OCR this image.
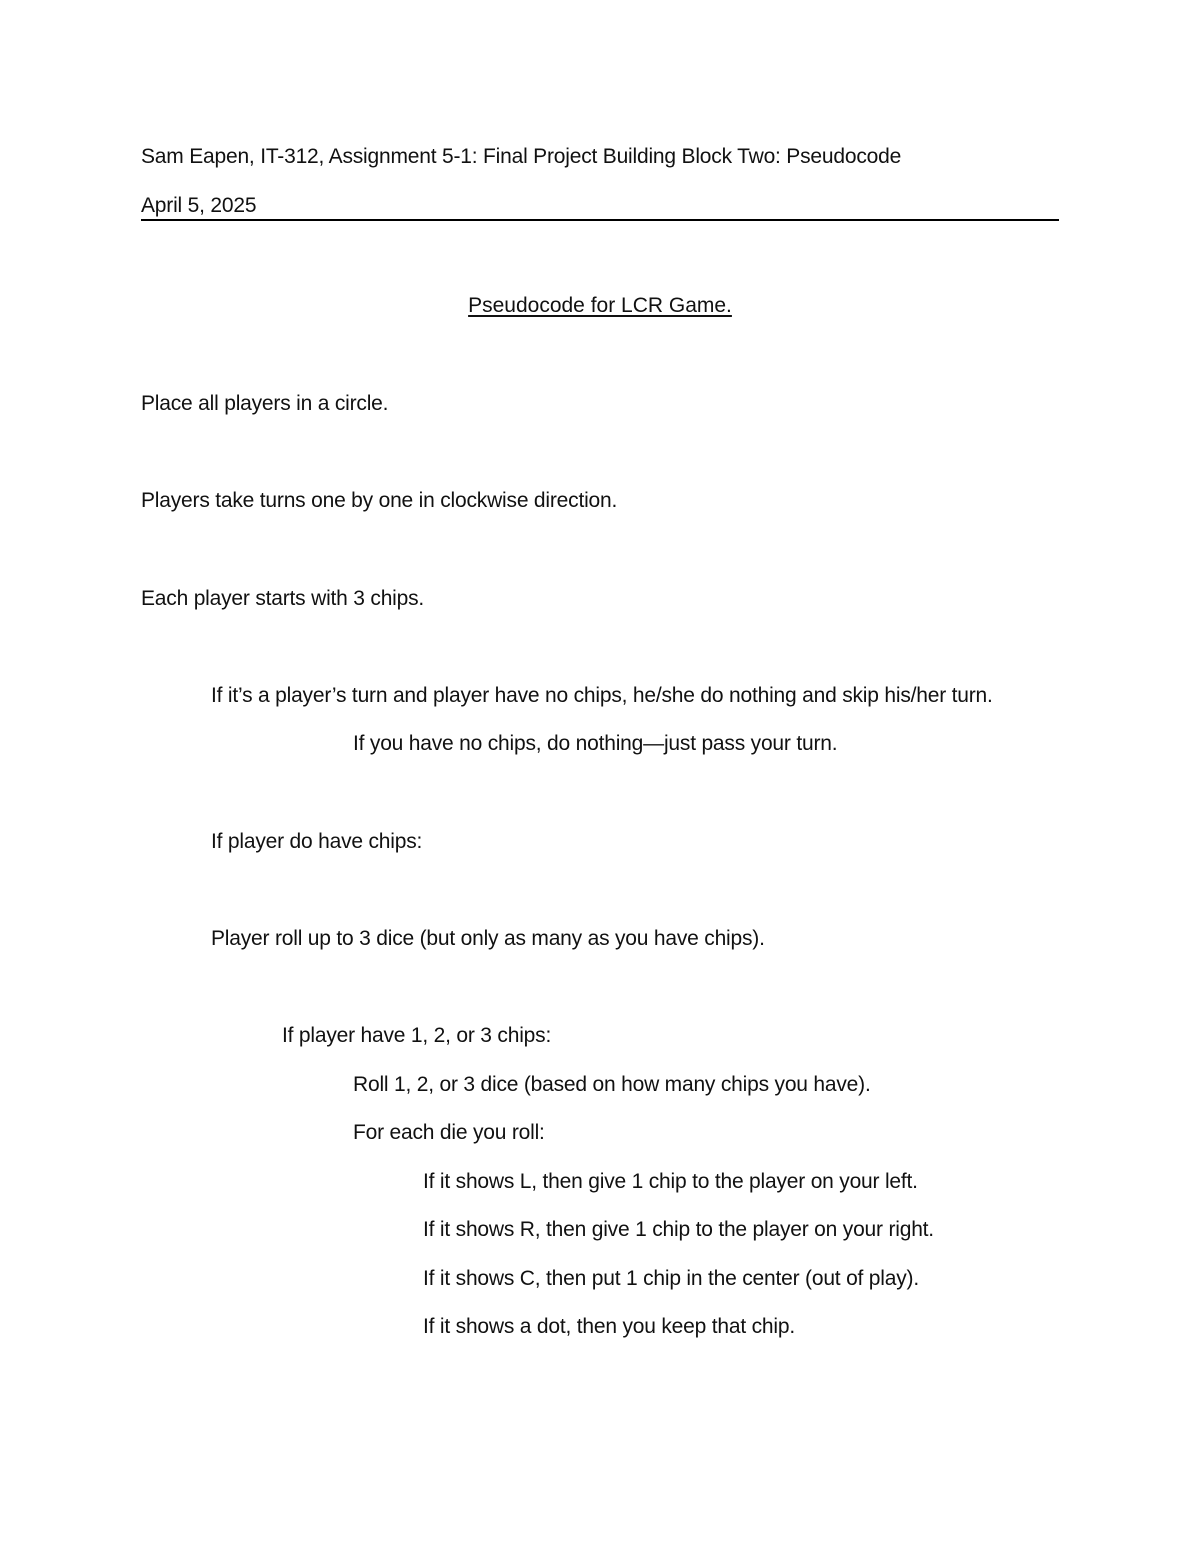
Sam Eapen, IT-312, Assignment 5-1: Final Project Building Block Two: Pseudocode
April 5, 2025
Pseudocode for LCR Game.
Place all players in a circle.
Players take turns one by one in clockwise direction.
Each player starts with 3 chips.
If it’s a player’s turn and player have no chips, he/she do nothing and skip his/her turn.
If you have no chips, do nothing—just pass your turn.
If player do have chips:
Player roll up to 3 dice (but only as many as you have chips).
If player have 1, 2, or 3 chips:
Roll 1, 2, or 3 dice (based on how many chips you have).
For each die you roll:
If it shows L, then give 1 chip to the player on your left.
If it shows R, then give 1 chip to the player on your right.
If it shows C, then put 1 chip in the center (out of play).
If it shows a dot, then you keep that chip.
